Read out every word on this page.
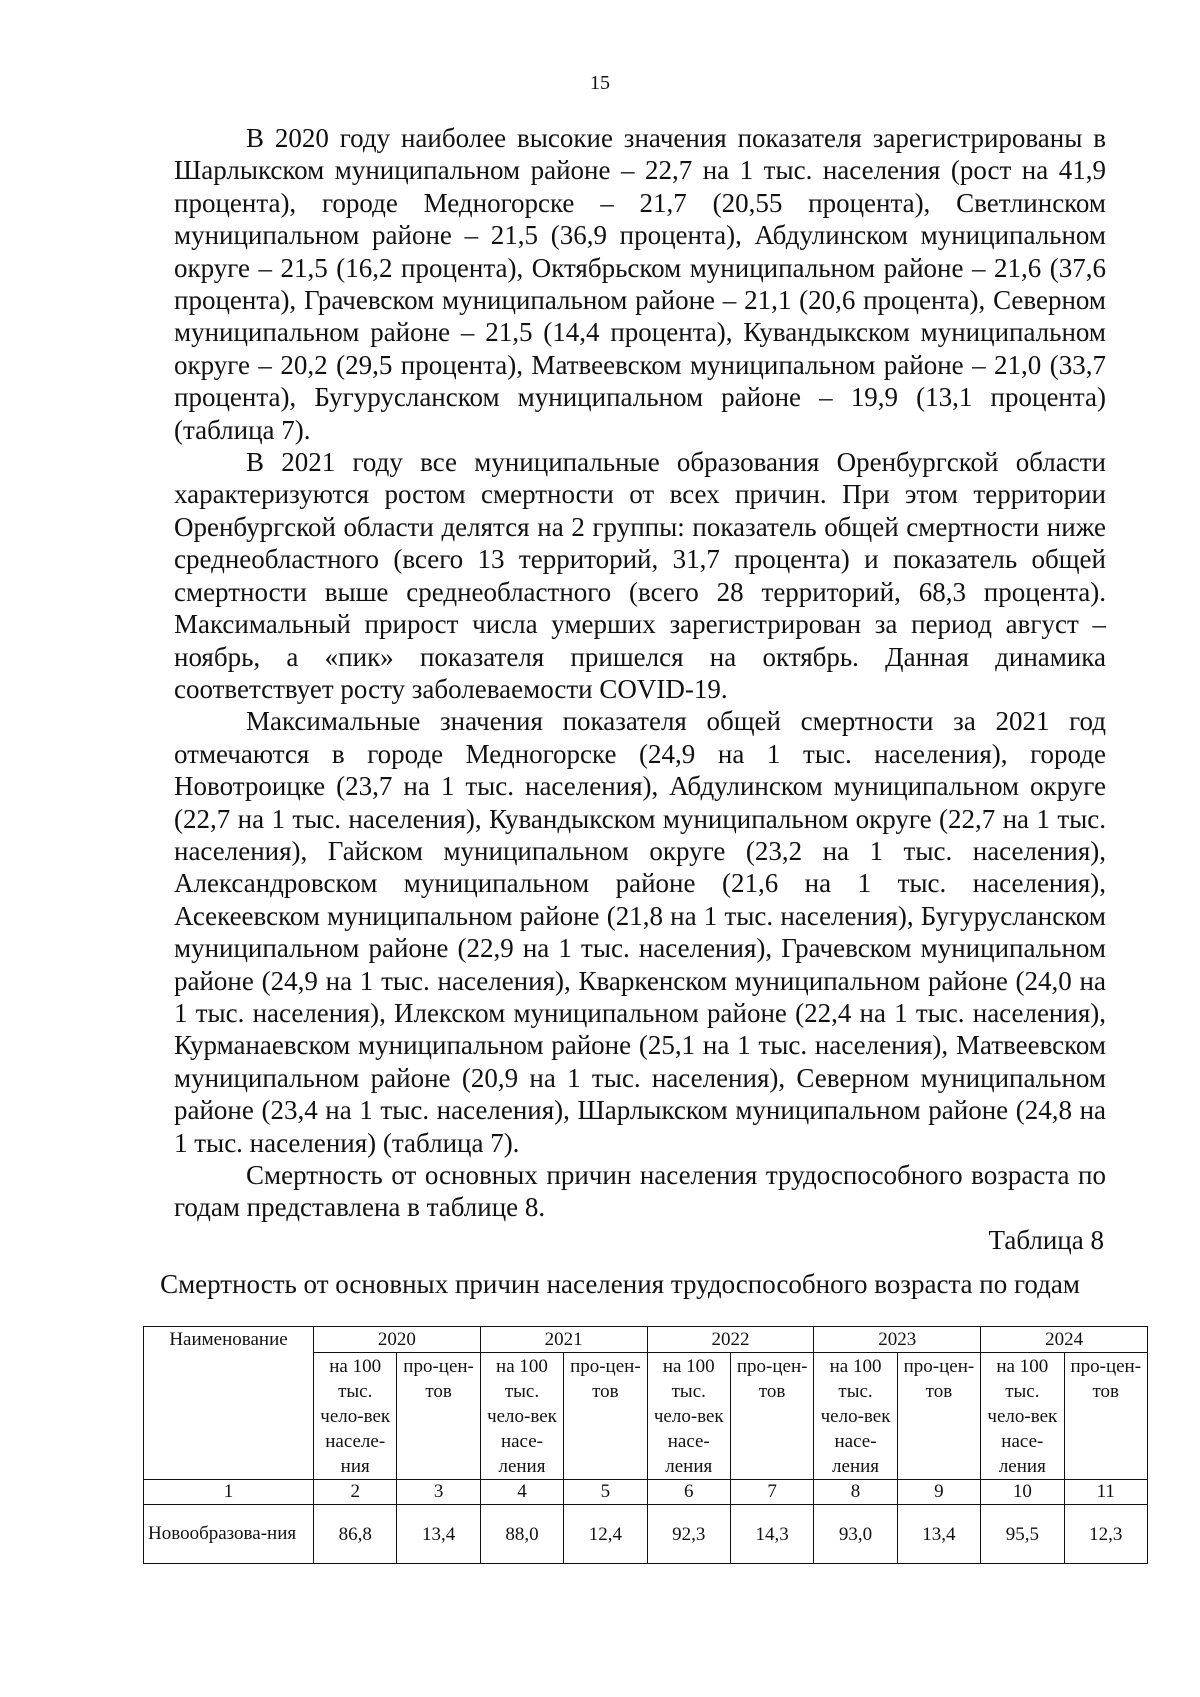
15

В 2020 году наиболее высокие значения показателя зарегистрированы в Шарлыкском муниципальном районе – 22,7 на 1 тыс. населения (рост на 41,9 процента), городе Медногорске – 21,7 (20,55 процента), Светлинском муниципальном районе – 21,5 (36,9 процента), Абдулинском муниципальном округе – 21,5 (16,2 процента), Октябрьском муниципальном районе – 21,6 (37,6 процента), Грачевском муниципальном районе – 21,1 (20,6 процента), Северном муниципальном районе – 21,5 (14,4 процента), Кувандыкском муниципальном округе – 20,2 (29,5 процента), Матвеевском муниципальном районе – 21,0 (33,7 процента), Бугурусланском муниципальном районе – 19,9 (13,1 процента) (таблица 7).

В 2021 году все муниципальные образования Оренбургской области характеризуются ростом смертности от всех причин. При этом территории Оренбургской области делятся на 2 группы: показатель общей смертности ниже среднеобластного (всего 13 территорий, 31,7 процента) и показатель общей смертности выше среднеобластного (всего 28 территорий, 68,3 процента). Максимальный прирост числа умерших зарегистрирован за период август – ноябрь, а «пик» показателя пришелся на октябрь. Данная динамика соответствует росту заболеваемости COVID-19.

Максимальные значения показателя общей смертности за 2021 год отмечаются в городе Медногорске (24,9 на 1 тыс. населения), городе Новотроицке (23,7 на 1 тыс. населения), Абдулинском муниципальном округе (22,7 на 1 тыс. населения), Кувандыкском муниципальном округе (22,7 на 1 тыс. населения), Гайском муниципальном округе (23,2 на 1 тыс. населения), Александровском муниципальном районе (21,6 на 1 тыс. населения), Асекеевском муниципальном районе (21,8 на 1 тыс. населения), Бугурусланском муниципальном районе (22,9 на 1 тыс. населения), Грачевском муниципальном районе (24,9 на 1 тыс. населения), Кваркенском муниципальном районе (24,0 на 1 тыс. населения), Илекском муниципальном районе (22,4 на 1 тыс. населения), Курманаевском муниципальном районе (25,1 на 1 тыс. населения), Матвеевском муниципальном районе (20,9 на 1 тыс. населения), Северном муниципальном районе (23,4 на 1 тыс. населения), Шарлыкском муниципальном районе (24,8 на 1 тыс. населения) (таблица 7).

Смертность от основных причин населения трудоспособного возраста по годам представлена в таблице 8.

Таблица 8

Смертность от основных причин населения трудоспособного возраста по годам
Наименование	2020		2021		2022		2023		2024	
	на 100 тыс. чело-век населе-ния	про-цен-тов	на 100 тыс. чело-век насе-ления	про-цен-тов	на 100 тыс. чело-век насе-ления	про-цен-тов	на 100 тыс. чело-век насе-ления	про-цен-тов	на 100 тыс. чело-век насе-ления	про-цен-тов
1	2	3	4	5	6	7	8	9	10	11
Новообразова-ния	86,8	13,4	88,0	12,4	92,3	14,3	93,0	13,4	95,5	12,3
